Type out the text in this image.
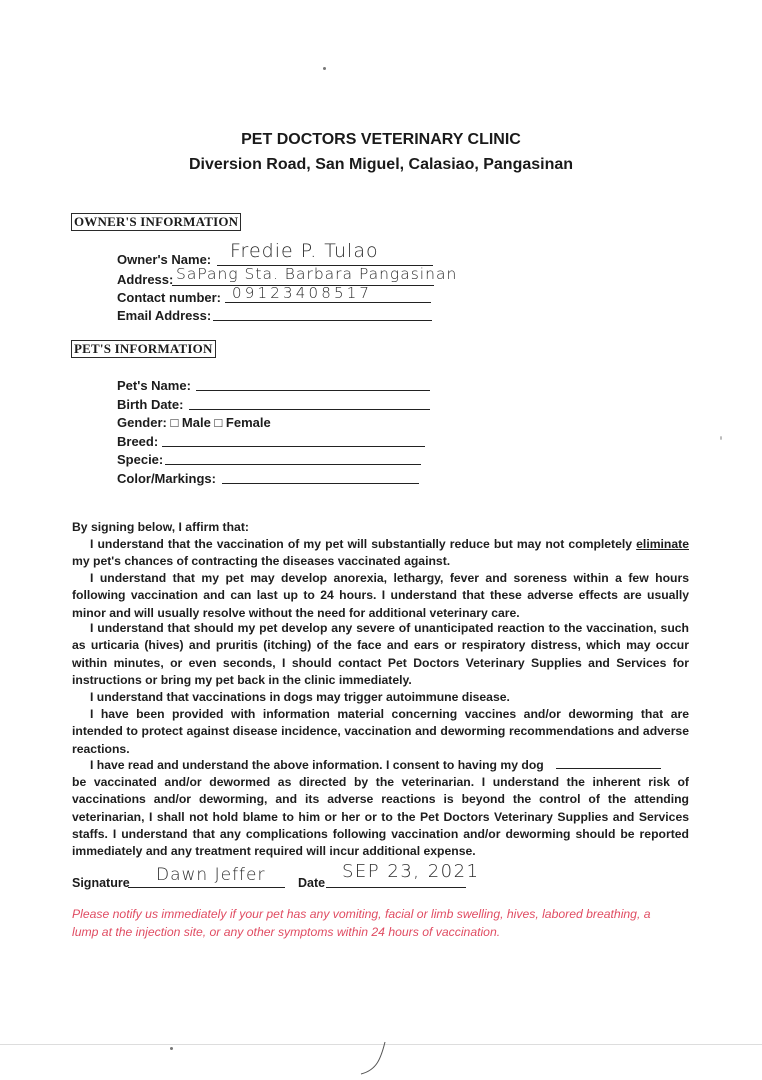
PET DOCTORS VETERINARY CLINIC
Diversion Road, San Miguel, Calasiao, Pangasinan
OWNER'S INFORMATION
Owner's Name: Fredie P. Tulao
Address: SaPang Sta. Barbara Pangasinan
Contact number: 09123408517
Email Address:
PET'S INFORMATION
Pet's Name:
Birth Date:
Gender: □ Male □ Female
Breed:
Specie:
Color/Markings:
By signing below, I affirm that:
I understand that the vaccination of my pet will substantially reduce but may not completely eliminate my pet's chances of contracting the diseases vaccinated against.
I understand that my pet may develop anorexia, lethargy, fever and soreness within a few hours following vaccination and can last up to 24 hours. I understand that these adverse effects are usually minor and will usually resolve without the need for additional veterinary care.
I understand that should my pet develop any severe of unanticipated reaction to the vaccination, such as urticaria (hives) and pruritis (itching) of the face and ears or respiratory distress, which may occur within minutes, or even seconds, I should contact Pet Doctors Veterinary Supplies and Services for instructions or bring my pet back in the clinic immediately.
I understand that vaccinations in dogs may trigger autoimmune disease.
I have been provided with information material concerning vaccines and/or deworming that are intended to protect against disease incidence, vaccination and deworming recommendations and adverse reactions.
I have read and understand the above information. I consent to having my dog
be vaccinated and/or dewormed as directed by the veterinarian. I understand the inherent risk of vaccinations and/or deworming, and its adverse reactions is beyond the control of the attending veterinarian, I shall not hold blame to him or her or to the Pet Doctors Veterinary Supplies and Services staffs. I understand that any complications following vaccination and/or deworming should be reported immediately and any treatment required will incur additional expense.
Signature Dawn Jeffer	Date
SEP 23, 2021
Please notify us immediately if your pet has any vomiting, facial or limb swelling, hives, labored breathing, a lump at the injection site, or any other symptoms within 24 hours of vaccination.
